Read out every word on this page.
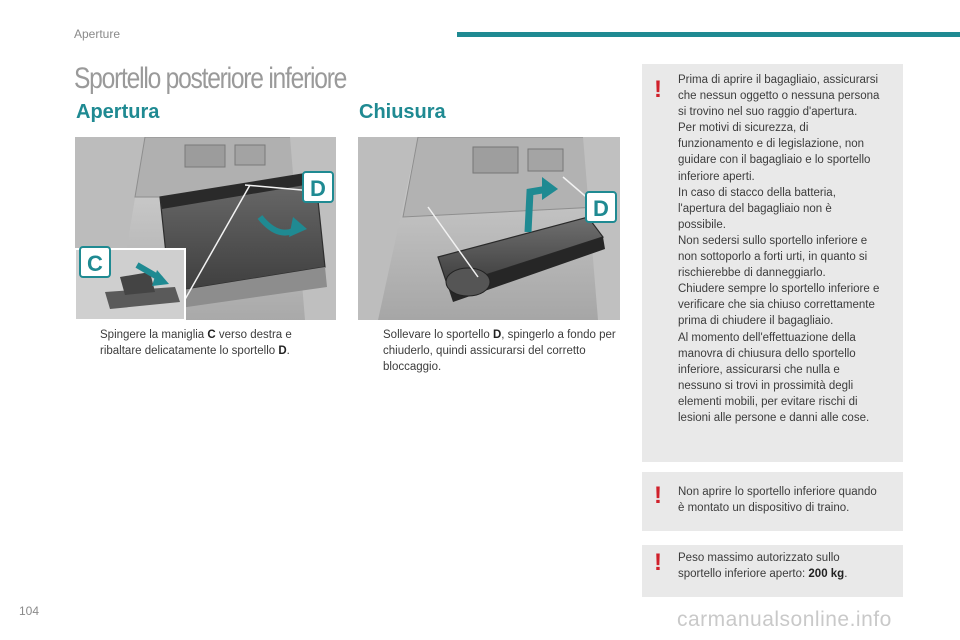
Aperture
Sportello posteriore inferiore
Apertura	Chiusura
D
C
D
Spingere la maniglia C verso destra e ribaltare delicatamente lo sportello D.
Sollevare lo sportello D, spingerlo a fondo per chiuderlo, quindi assicurarsi del corretto bloccaggio.
! Prima di aprire il bagagliaio, assicurarsi
che nessun oggetto o nessuna persona
si trovino nel suo raggio d'apertura.
Per motivi di sicurezza, di
funzionamento e di legislazione, non
guidare con il bagagliaio e lo sportello
inferiore aperti.
In caso di stacco della batteria,
l'apertura del bagagliaio non è
possibile.
Non sedersi sullo sportello inferiore e
non sottoporlo a forti urti, in quanto si
rischierebbe di danneggiarlo.
Chiudere sempre lo sportello inferiore e
verificare che sia chiuso correttamente
prima di chiudere il bagagliaio.
Al momento dell'effettuazione della
manovra di chiusura dello sportello
inferiore, assicurarsi che nulla e
nessuno si trovi in prossimità degli
elementi mobili, per evitare rischi di
lesioni alle persone e danni alle cose.
! Non aprire lo sportello inferiore quando
è montato un dispositivo di traino.
! Peso massimo autorizzato sullo
sportello inferiore aperto: 200 kg.
104	carmanualsonline.info
